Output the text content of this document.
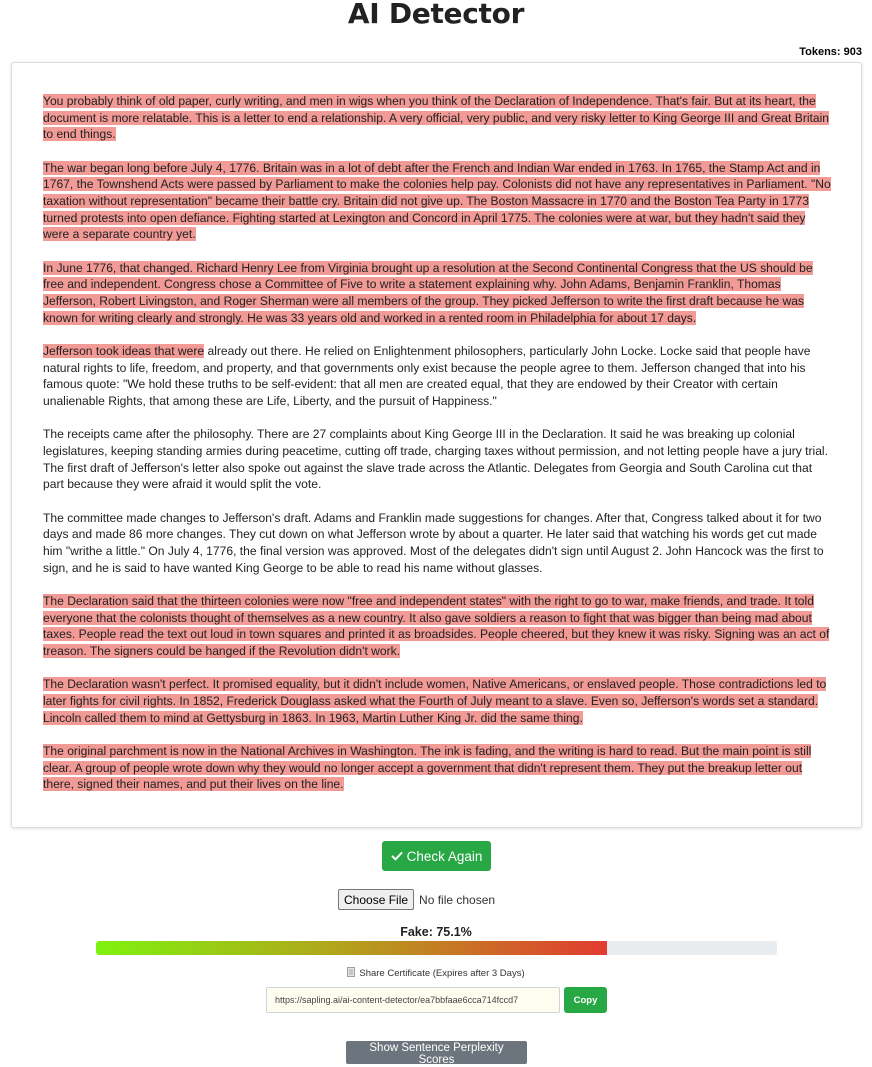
AI Detector
Tokens: 903

You probably think of old paper, curly writing, and men in wigs when you think of the Declaration of Independence. That's fair. But at its heart, the document is more relatable. This is a letter to end a relationship. A very official, very public, and very risky letter to King George III and Great Britain to end things.

The war began long before July 4, 1776. Britain was in a lot of debt after the French and Indian War ended in 1763. In 1765, the Stamp Act and in 1767, the Townshend Acts were passed by Parliament to make the colonies help pay. Colonists did not have any representatives in Parliament. "No taxation without representation" became their battle cry. Britain did not give up. The Boston Massacre in 1770 and the Boston Tea Party in 1773 turned protests into open defiance. Fighting started at Lexington and Concord in April 1775. The colonies were at war, but they hadn't said they were a separate country yet.

In June 1776, that changed. Richard Henry Lee from Virginia brought up a resolution at the Second Continental Congress that the US should be free and independent. Congress chose a Committee of Five to write a statement explaining why. John Adams, Benjamin Franklin, Thomas Jefferson, Robert Livingston, and Roger Sherman were all members of the group. They picked Jefferson to write the first draft because he was known for writing clearly and strongly. He was 33 years old and worked in a rented room in Philadelphia for about 17 days.

Jefferson took ideas that were already out there. He relied on Enlightenment philosophers, particularly John Locke. Locke said that people have natural rights to life, freedom, and property, and that governments only exist because the people agree to them. Jefferson changed that into his famous quote: "We hold these truths to be self-evident: that all men are created equal, that they are endowed by their Creator with certain unalienable Rights, that among these are Life, Liberty, and the pursuit of Happiness."

The receipts came after the philosophy. There are 27 complaints about King George III in the Declaration. It said he was breaking up colonial legislatures, keeping standing armies during peacetime, cutting off trade, charging taxes without permission, and not letting people have a jury trial. The first draft of Jefferson's letter also spoke out against the slave trade across the Atlantic. Delegates from Georgia and South Carolina cut that part because they were afraid it would split the vote.

The committee made changes to Jefferson's draft. Adams and Franklin made suggestions for changes. After that, Congress talked about it for two days and made 86 more changes. They cut down on what Jefferson wrote by about a quarter. He later said that watching his words get cut made him "writhe a little." On July 4, 1776, the final version was approved. Most of the delegates didn't sign until August 2. John Hancock was the first to sign, and he is said to have wanted King George to be able to read his name without glasses.

The Declaration said that the thirteen colonies were now "free and independent states" with the right to go to war, make friends, and trade. It told everyone that the colonists thought of themselves as a new country. It also gave soldiers a reason to fight that was bigger than being mad about taxes. People read the text out loud in town squares and printed it as broadsides. People cheered, but they knew it was risky. Signing was an act of treason. The signers could be hanged if the Revolution didn't work.

The Declaration wasn't perfect. It promised equality, but it didn't include women, Native Americans, or enslaved people. Those contradictions led to later fights for civil rights. In 1852, Frederick Douglass asked what the Fourth of July meant to a slave. Even so, Jefferson's words set a standard. Lincoln called them to mind at Gettysburg in 1863. In 1963, Martin Luther King Jr. did the same thing.

The original parchment is now in the National Archives in Washington. The ink is fading, and the writing is hard to read. But the main point is still clear. A group of people wrote down why they would no longer accept a government that didn't represent them. They put the breakup letter out there, signed their names, and put their lives on the line.

Check Again
Choose File No file chosen
Fake: 75.1%
Share Certificate (Expires after 3 Days)
https://sapling.ai/ai-content-detector/ea7bbfaae6cca714fccd7
Copy
Show Sentence Perplexity Scores
